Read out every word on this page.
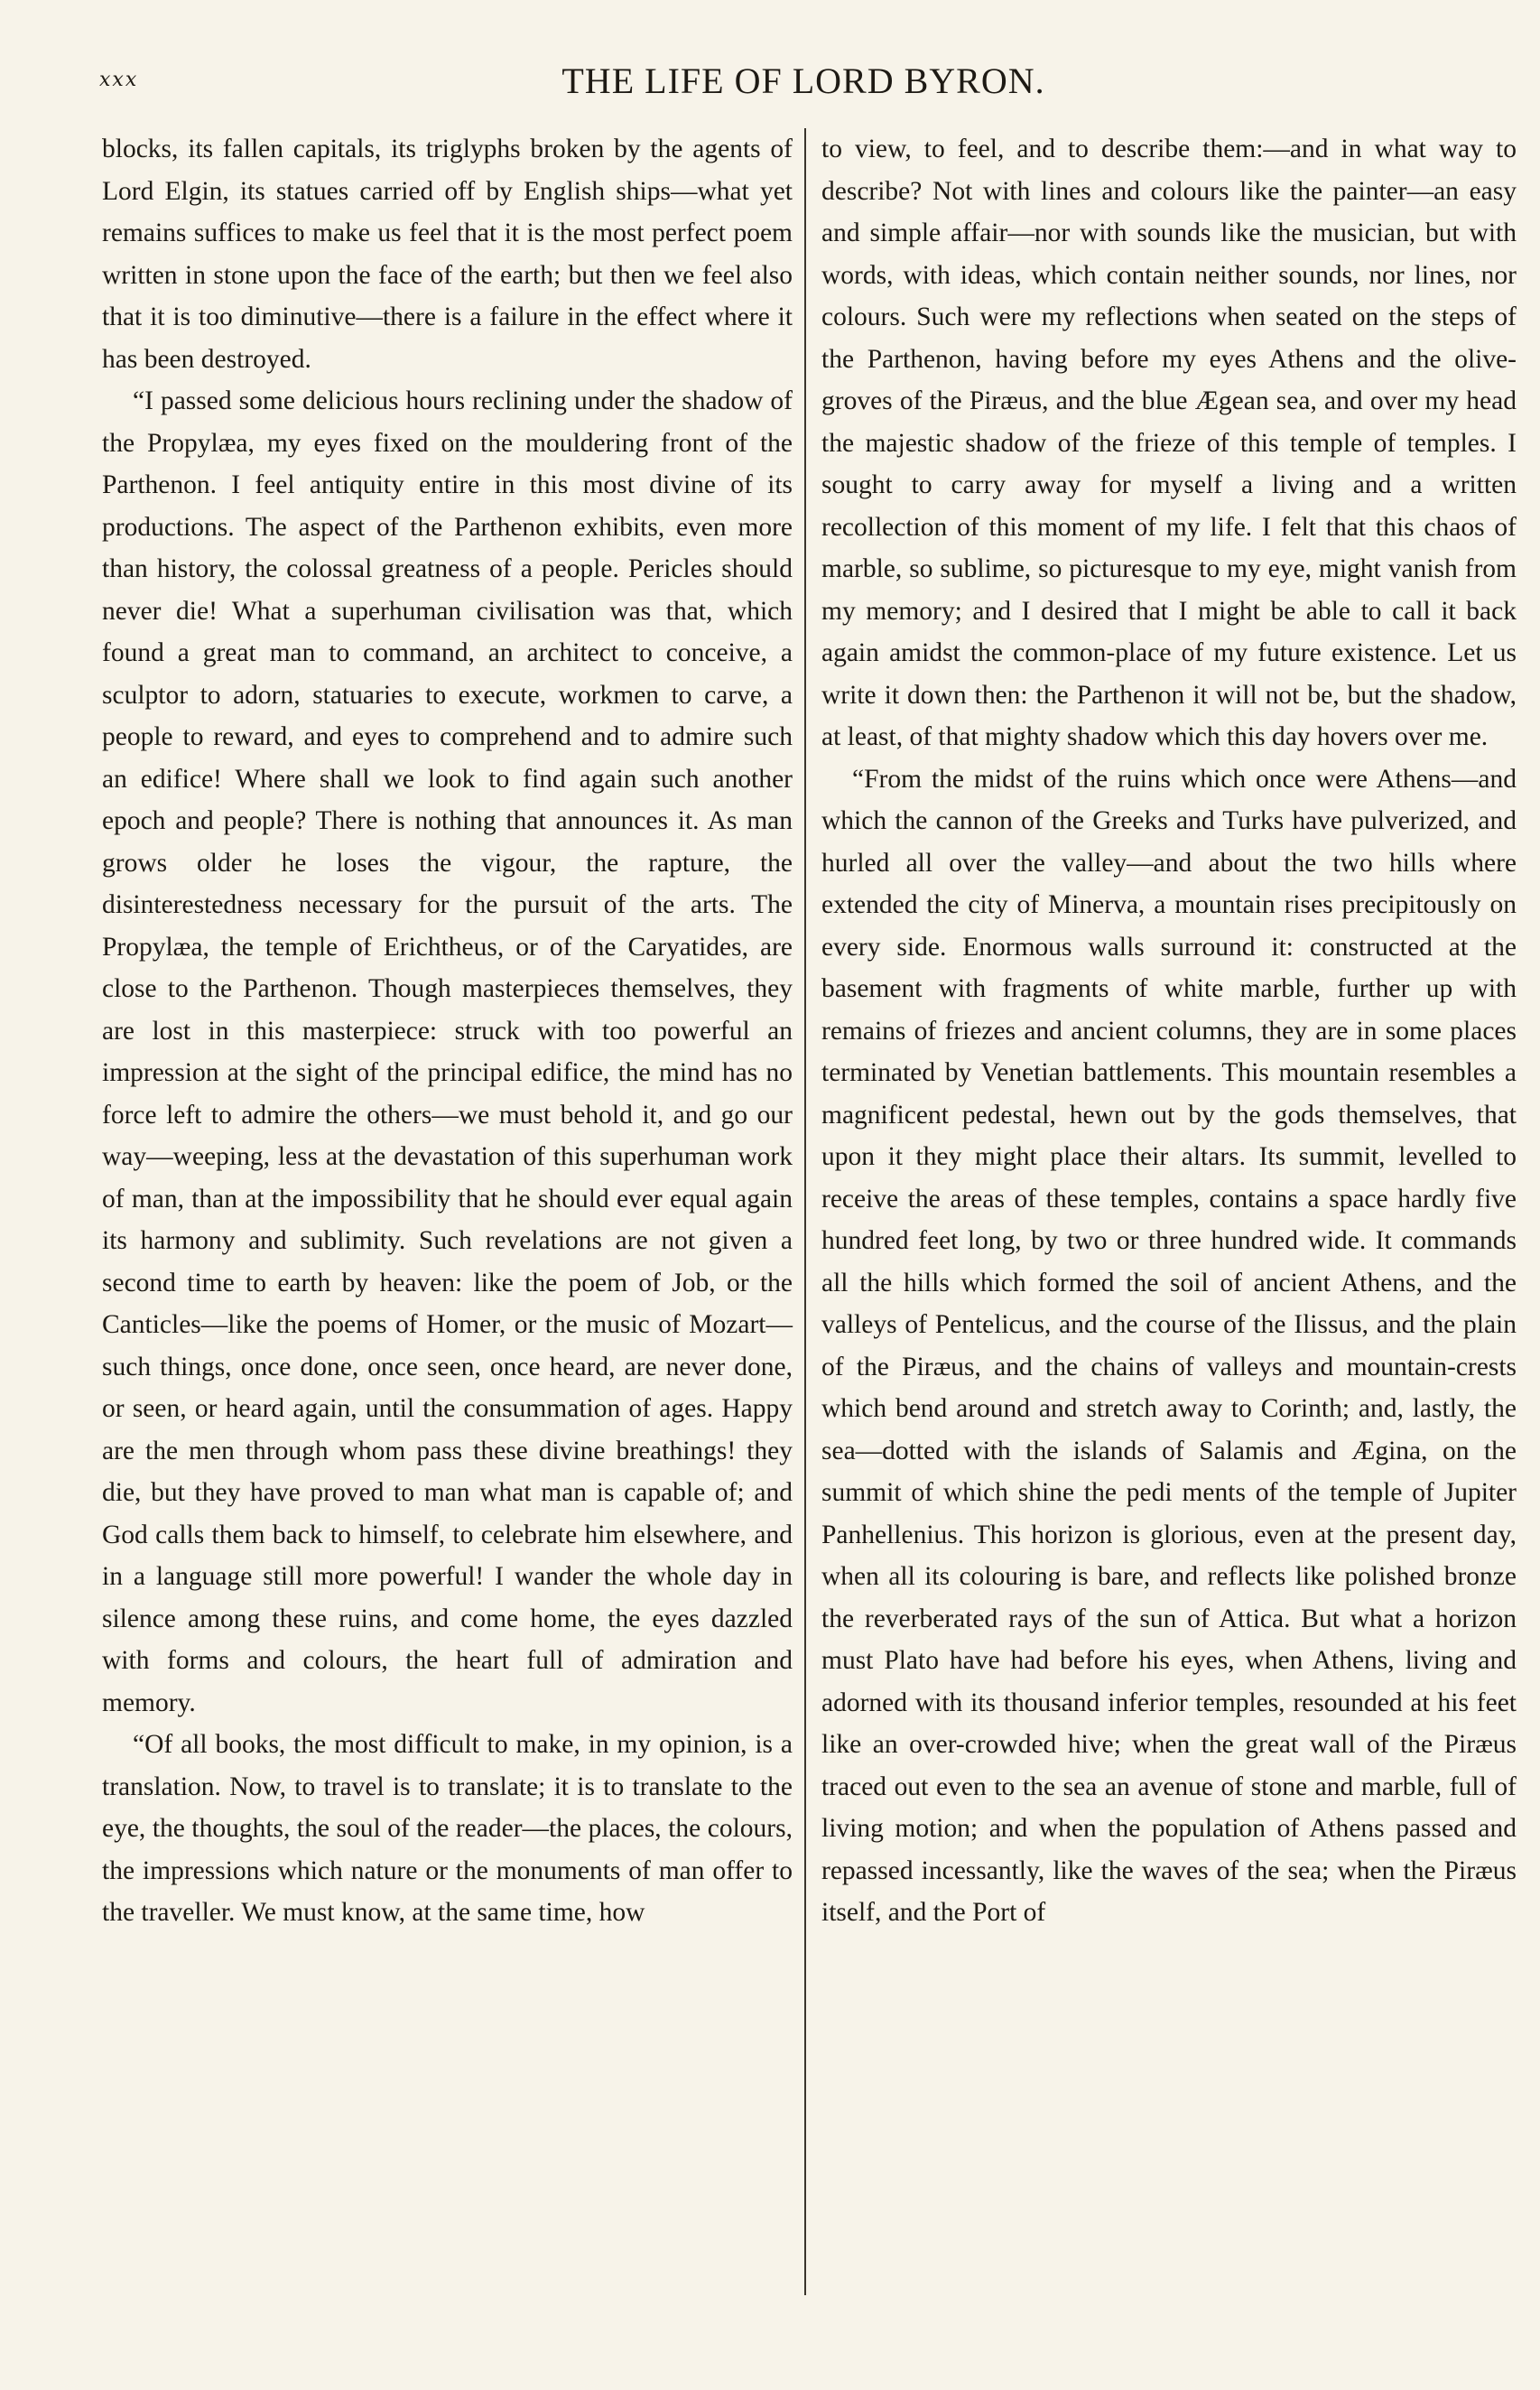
xxx	THE LIFE OF LORD BYRON.

blocks, its fallen capitals, its triglyphs broken by the agents of Lord Elgin, its statues carried off by English ships—what yet remains suffices to make us feel that it is the most perfect poem written in stone upon the face of the earth; but then we feel also that it is too diminutive—there is a failure in the effect where it has been destroyed.

“I passed some delicious hours reclining under the shadow of the Propylæa, my eyes fixed on the mouldering front of the Parthenon. I feel antiquity entire in this most divine of its productions. The aspect of the Parthenon exhibits, even more than history, the colossal greatness of a people. Pericles should never die! What a superhuman civilisation was that, which found a great man to command, an architect to conceive, a sculptor to adorn, statuaries to execute, workmen to carve, a people to reward, and eyes to comprehend and to admire such an edifice! Where shall we look to find again such another epoch and people? There is nothing that announces it. As man grows older he loses the vigour, the rapture, the disinterestedness necessary for the pursuit of the arts. The Propylæa, the temple of Erichtheus, or of the Caryatides, are close to the Parthenon. Though masterpieces themselves, they are lost in this masterpiece: struck with too powerful an impression at the sight of the principal edifice, the mind has no force left to admire the others—we must behold it, and go our way—weeping, less at the devastation of this superhuman work of man, than at the impossibility that he should ever equal again its harmony and sublimity. Such revelations are not given a second time to earth by heaven: like the poem of Job, or the Canticles—like the poems of Homer, or the music of Mozart—such things, once done, once seen, once heard, are never done, or seen, or heard again, until the consummation of ages. Happy are the men through whom pass these divine breathings! they die, but they have proved to man what man is capable of; and God calls them back to himself, to celebrate him elsewhere, and in a language still more powerful! I wander the whole day in silence among these ruins, and come home, the eyes dazzled with forms and colours, the heart full of admiration and memory.

“Of all books, the most difficult to make, in my opinion, is a translation. Now, to travel is to translate; it is to translate to the eye, the thoughts, the soul of the reader—the places, the colours, the impressions which nature or the monuments of man offer to the traveller. We must know, at the same time, how

to view, to feel, and to describe them:—and in what way to describe? Not with lines and colours like the painter—an easy and simple affair—nor with sounds like the musician, but with words, with ideas, which contain neither sounds, nor lines, nor colours. Such were my reflections when seated on the steps of the Parthenon, having before my eyes Athens and the olive-groves of the Piræus, and the blue Ægean sea, and over my head the majestic shadow of the frieze of this temple of temples. I sought to carry away for myself a living and a written recollection of this moment of my life. I felt that this chaos of marble, so sublime, so picturesque to my eye, might vanish from my memory; and I desired that I might be able to call it back again amidst the common-place of my future existence. Let us write it down then: the Parthenon it will not be, but the shadow, at least, of that mighty shadow which this day hovers over me.

“From the midst of the ruins which once were Athens—and which the cannon of the Greeks and Turks have pulverized, and hurled all over the valley—and about the two hills where extended the city of Minerva, a mountain rises precipitously on every side. Enormous walls surround it: constructed at the basement with fragments of white marble, further up with remains of friezes and ancient columns, they are in some places terminated by Venetian battlements. This mountain resembles a magnificent pedestal, hewn out by the gods themselves, that upon it they might place their altars. Its summit, levelled to receive the areas of these temples, contains a space hardly five hundred feet long, by two or three hundred wide. It commands all the hills which formed the soil of ancient Athens, and the valleys of Pentelicus, and the course of the Ilissus, and the plain of the Piræus, and the chains of valleys and mountain-crests which bend around and stretch away to Corinth; and, lastly, the sea—dotted with the islands of Salamis and Ægina, on the summit of which shine the pedi ments of the temple of Jupiter Panhellenius. This horizon is glorious, even at the present day, when all its colouring is bare, and reflects like polished bronze the reverberated rays of the sun of Attica. But what a horizon must Plato have had before his eyes, when Athens, living and adorned with its thousand inferior temples, resounded at his feet like an over-crowded hive; when the great wall of the Piræus traced out even to the sea an avenue of stone and marble, full of living motion; and when the population of Athens passed and repassed incessantly, like the waves of the sea; when the Piræus itself, and the Port of
